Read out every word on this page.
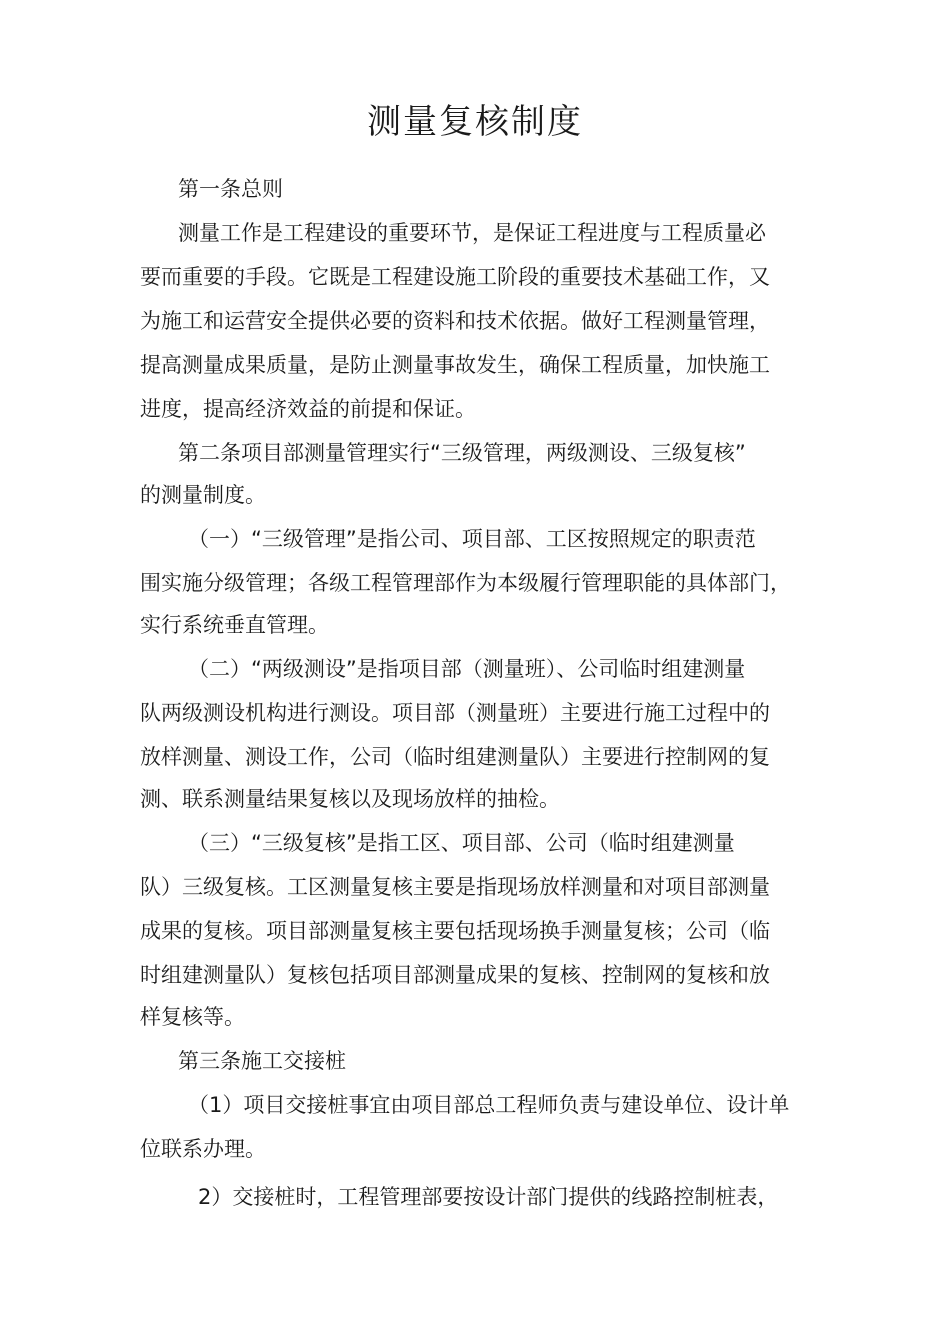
测量复核制度
第一条总则
测量工作是工程建设的重要环节，是保证工程进度与工程质量必
要而重要的手段。它既是工程建设施工阶段的重要技术基础工作，又
为施工和运营安全提供必要的资料和技术依据。做好工程测量管理，
提高测量成果质量，是防止测量事故发生，确保工程质量，加快施工
进度，提高经济效益的前提和保证。
第二条项目部测量管理实行“三级管理，两级测设、三级复核”
的测量制度。
（一）“三级管理”是指公司、项目部、工区按照规定的职责范
围实施分级管理；各级工程管理部作为本级履行管理职能的具体部门，
实行系统垂直管理。
（二）“两级测设”是指项目部（测量班）、公司临时组建测量
队两级测设机构进行测设。项目部（测量班）主要进行施工过程中的
放样测量、测设工作，公司（临时组建测量队）主要进行控制网的复
测、联系测量结果复核以及现场放样的抽检。
（三）“三级复核”是指工区、项目部、公司（临时组建测量
队）三级复核。工区测量复核主要是指现场放样测量和对项目部测量
成果的复核。项目部测量复核主要包括现场换手测量复核；公司（临
时组建测量队）复核包括项目部测量成果的复核、控制网的复核和放
样复核等。
第三条施工交接桩
（1）项目交接桩事宜由项目部总工程师负责与建设单位、设计单
位联系办理。
2）交接桩时，工程管理部要按设计部门提供的线路控制桩表，
